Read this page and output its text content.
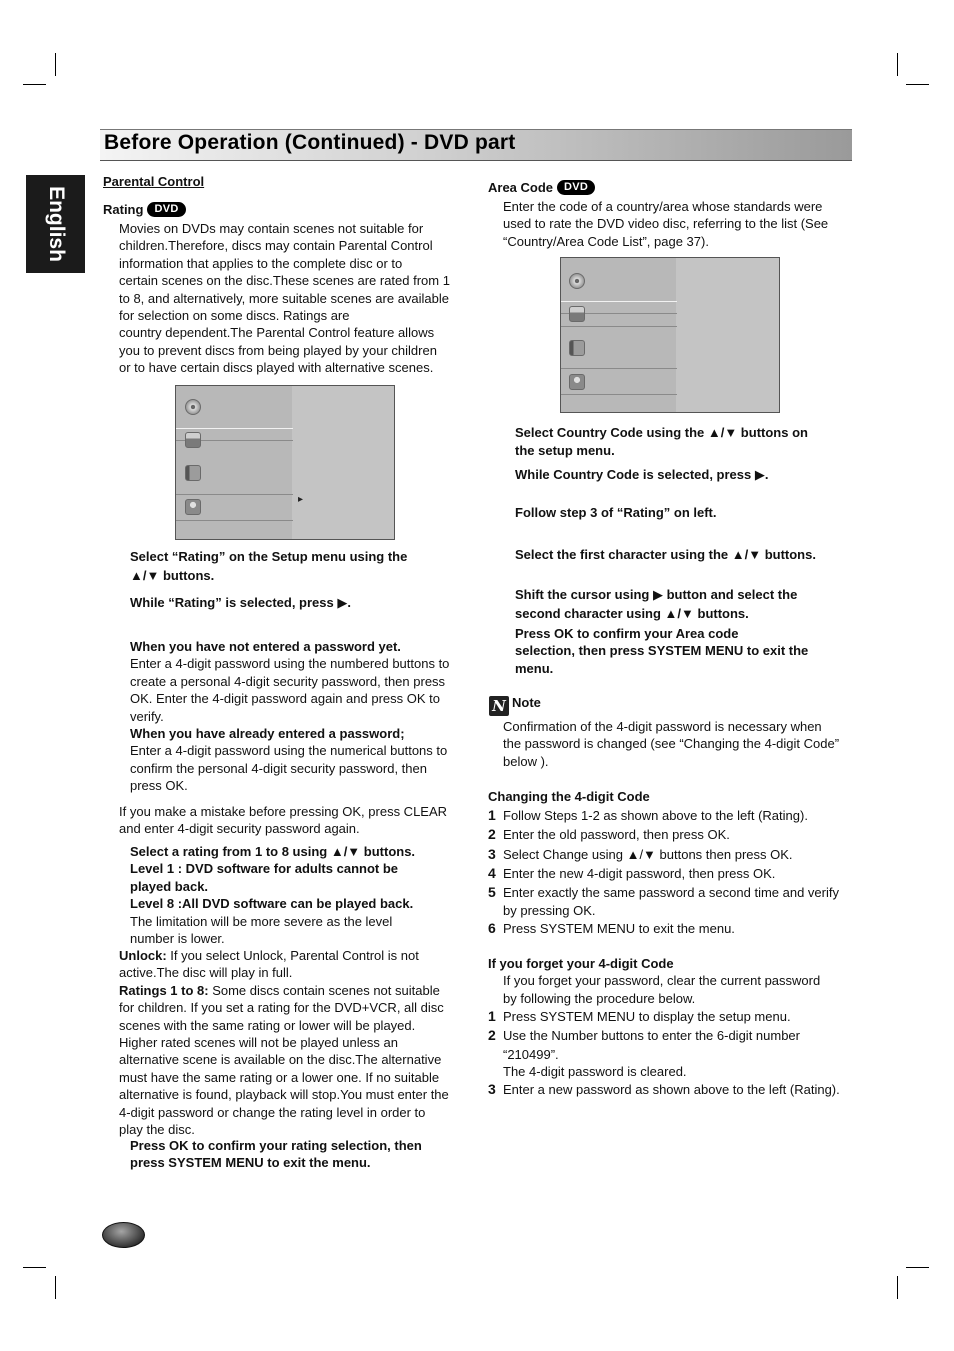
Before Operation (Continued) - DVD part
English

Parental Control

Rating DVD

Movies on DVDs may contain scenes not suitable for

children.Therefore, discs may contain Parental Control

information that applies to the complete disc or to

certain scenes on the disc.These scenes are rated from 1

to 8, and alternatively, more suitable scenes are available

for selection on some discs. Ratings are

country dependent.The Parental Control feature allows

you to prevent discs from being played by your children

or to have certain discs played with alternative scenes.

▸

Select “Rating” on the Setup menu using the

▲/▼ buttons.

While “Rating” is selected, press ▶.

When you have not entered a password yet.

Enter a 4-digit password using the numbered buttons to

create a personal 4-digit security password, then press

OK. Enter the 4-digit password again and press OK to

verify.

When you have already entered a password;

Enter a 4-digit password using the numerical buttons to

confirm the personal 4-digit security password, then

press OK.

If you make a mistake before pressing OK, press CLEAR

and enter 4-digit security password again.

Select a rating from 1 to 8 using ▲/▼ buttons.

Level 1 : DVD software for adults cannot be

played back.

Level 8 :All DVD software can be played back.

The limitation will be more severe as the level

number is lower.

Unlock: If you select Unlock, Parental Control is not

active.The disc will play in full.

Ratings 1 to 8: Some discs contain scenes not suitable

for children. If you set a rating for the DVD+VCR, all disc

scenes with the same rating or lower will be played.

Higher rated scenes will not be played unless an

alternative scene is available on the disc.The alternative

must have the same rating or a lower one. If no suitable

alternative is found, playback will stop.You must enter the

4-digit password or change the rating level in order to

play the disc.

Press OK to confirm your rating selection, then

press SYSTEM MENU to exit the menu.

Area Code DVD

Enter the code of a country/area whose standards were

used to rate the DVD video disc, referring to the list (See

“Country/Area Code List”, page 37).

Select Country Code using the ▲/▼ buttons on

the setup menu.

While Country Code is selected, press ▶.

Follow step 3 of “Rating” on left.

Select the first character using the ▲/▼ buttons.

Shift the cursor using ▶ button and select the

second character using ▲/▼ buttons.

Press OK to confirm your Area code

selection, then press SYSTEM MENU to exit the

menu.

N Note

Confirmation of the 4-digit password is necessary when

the password is changed (see “Changing the 4-digit Code”

below ).

Changing the 4-digit Code

1 Follow Steps 1-2 as shown above to the left (Rating).

2 Enter the old password, then press OK.

3 Select Change using ▲/▼ buttons then press OK.

4 Enter the new 4-digit password, then press OK.

5 Enter exactly the same password a second time and verify

by pressing OK.

6 Press SYSTEM MENU to exit the menu.

If you forget your 4-digit Code

If you forget your password, clear the current password

by following the procedure below.

1 Press SYSTEM MENU to display the setup menu.

2 Use the Number buttons to enter the 6-digit number

“210499”.

The 4-digit password is cleared.

3 Enter a new password as shown above to the left (Rating).
